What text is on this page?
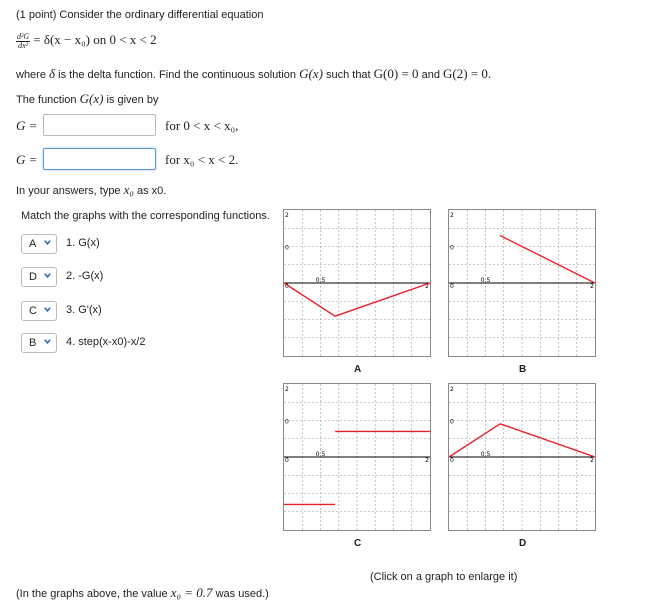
(1 point) Consider the ordinary differential equation
$\frac{\text{d²G}}{\text{dx²}} = \delta(x - x_0)$ on 0 < x < 2
where δ is the delta function. Find the continuous solution G(x) such that G(0) = 0 and G(2) = 0.
The function G(x) is given by
G =	for 0 < x < x₀,
G =	for x₀ < x < 2.
In your answers, type x₀ as x0.
Match the graphs with the corresponding functions.
A	1. G(x)
D	2. -G(x)
C	3. G'(x)
B	4. step(x-x0)-x/2
2
0
0	2
0.5
A
2
0
0	2
0.5
B
2
0
0	2
0.5
C
2
0
0	2
0.5
D
(Click on a graph to enlarge it)
(In the graphs above, the value x₀ = 0.7 was used.)
